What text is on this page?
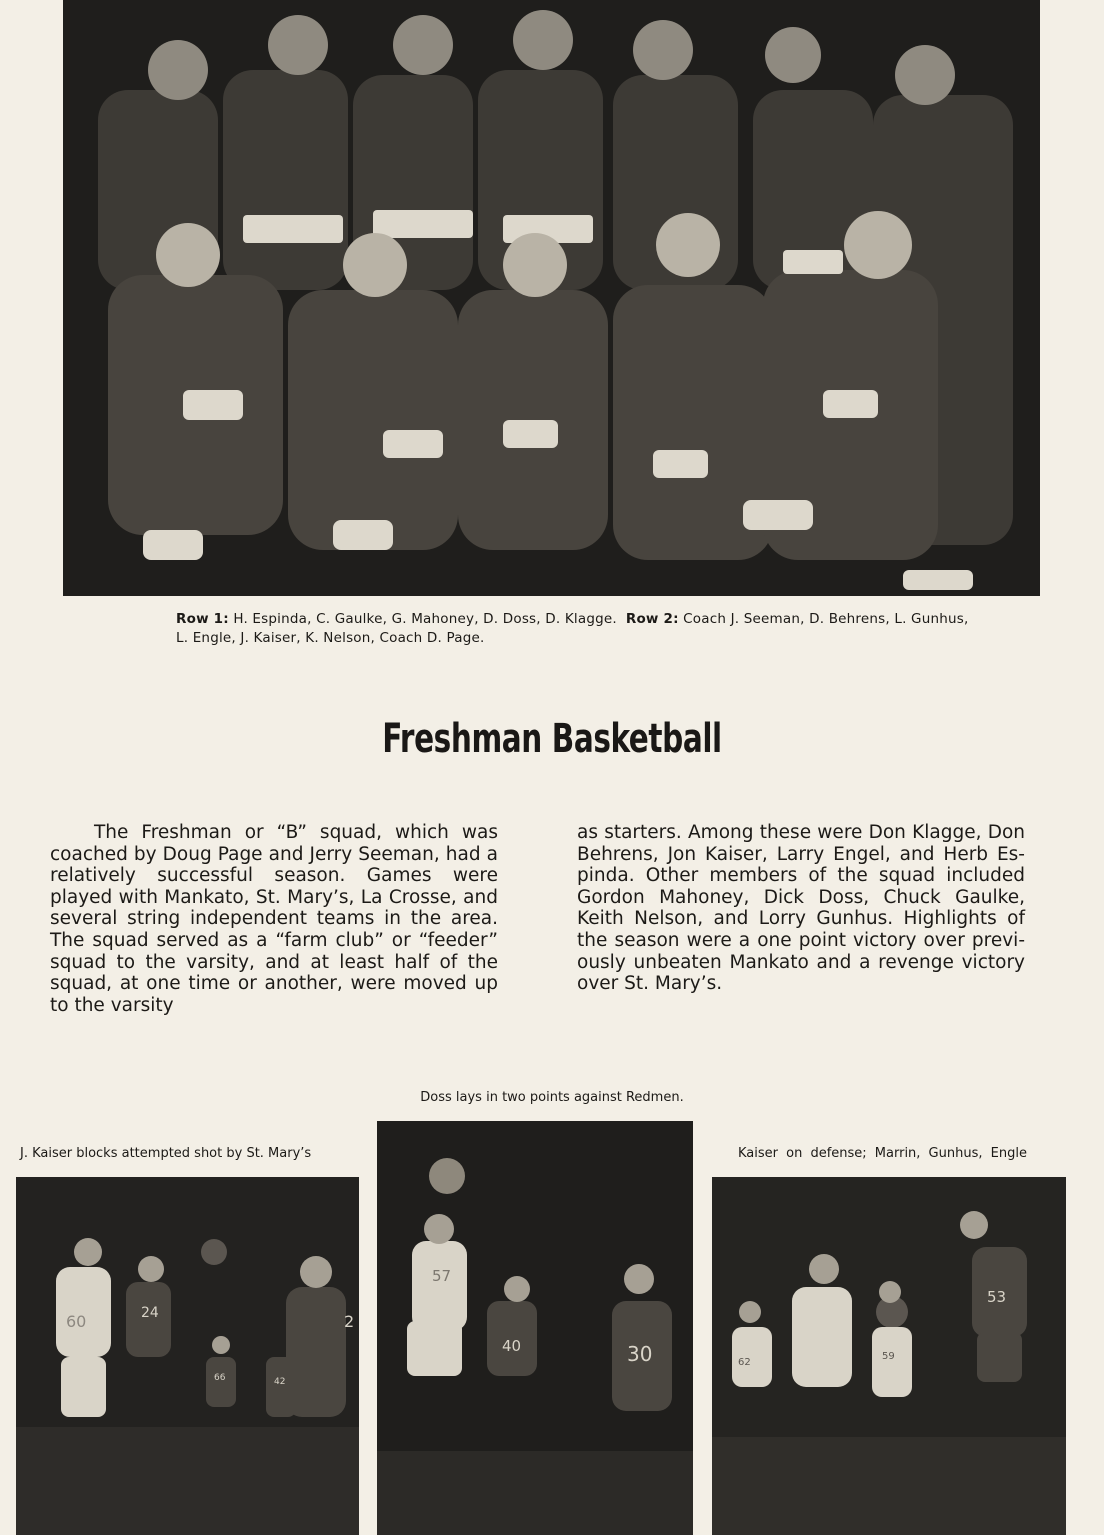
Row 1: H. Espinda, C. Gaulke, G. Mahoney, D. Doss, D. Klagge. Row 2: Coach J. Seeman, D. Behrens, L. Gunhus, L. Engle, J. Kaiser, K. Nelson, Coach D. Page.
Freshman Basketball
The Freshman or “B” squad, which was coached by Doug Page and Jerry Seeman, had a relatively successful season. Games were played with Mankato, St. Mary’s, La Crosse, and several string independent teams in the area. The squad served as a “farm club” or “feeder” squad to the varsity, and at least half of the squad, at one time or another, were moved up to the varsity
as starters. Among these were Don Klagge, Don Behrens, Jon Kaiser, Larry Engel, and Herb Es-pinda. Other members of the squad included Gordon Mahoney, Dick Doss, Chuck Gaulke, Keith Nelson, and Lorry Gunhus. Highlights of the season were a one point victory over previ-ously unbeaten Mankato and a revenge victory over St. Mary’s.
Doss lays in two points against Redmen.
J. Kaiser blocks attempted shot by St. Mary’s	Kaiser on defense; Marrin, Gunhus, Engle
60	24
66	42
2
57
40	30	62
59
53
